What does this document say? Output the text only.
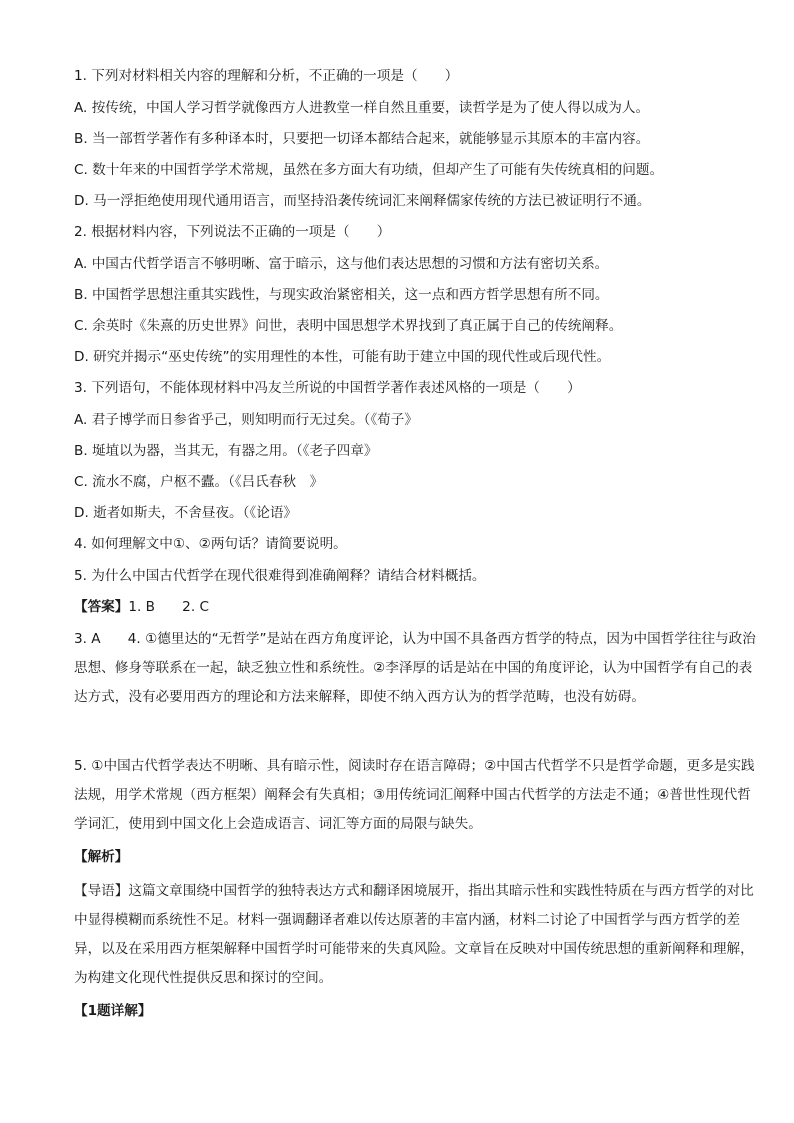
1. 下列对材料相关内容的理解和分析，不正确的一项是（　　）
A. 按传统，中国人学习哲学就像西方人进教堂一样自然且重要，读哲学是为了使人得以成为人。
B. 当一部哲学著作有多种译本时，只要把一切译本都结合起来，就能够显示其原本的丰富内容。
C. 数十年来的中国哲学学术常规，虽然在多方面大有功绩，但却产生了可能有失传统真相的问题。
D. 马一浮拒绝使用现代通用语言，而坚持沿袭传统词汇来阐释儒家传统的方法已被证明行不通。
2. 根据材料内容，下列说法不正确的一项是（　　）
A. 中国古代哲学语言不够明晰、富于暗示，这与他们表达思想的习惯和方法有密切关系。
B. 中国哲学思想注重其实践性，与现实政治紧密相关，这一点和西方哲学思想有所不同。
C. 余英时《朱熹的历史世界》问世，表明中国思想学术界找到了真正属于自己的传统阐释。
D. 研究并揭示“巫史传统”的实用理性的本性，可能有助于建立中国的现代性或后现代性。
3. 下列语句，不能体现材料中冯友兰所说的中国哲学著作表述风格的一项是（　　）
A. 君子博学而日参省乎己，则知明而行无过矣。（《荀子》
B. 埏埴以为器，当其无，有器之用。（《老子四章》
C. 流水不腐，户枢不蠹。（《吕氏春秋　》
D. 逝者如斯夫，不舍昼夜。（《论语》
4. 如何理解文中①、②两句话？请简要说明。
5. 为什么中国古代哲学在现代很难得到准确阐释？请结合材料概括。
【答案】1. B　　2. C
3. A　　4. ①德里达的“无哲学”是站在西方角度评论，认为中国不具备西方哲学的特点，因为中国哲学往往与政治思想、修身等联系在一起，缺乏独立性和系统性。②李泽厚的话是站在中国的角度评论，认为中国哲学有自己的表达方式，没有必要用西方的理论和方法来解释，即使不纳入西方认为的哲学范畴，也没有妨碍。
5. ①中国古代哲学表达不明晰、具有暗示性，阅读时存在语言障碍；②中国古代哲学不只是哲学命题，更多是实践法规，用学术常规（西方框架）阐释会有失真相；③用传统词汇阐释中国古代哲学的方法走不通；④普世性现代哲学词汇，使用到中国文化上会造成语言、词汇等方面的局限与缺失。
【解析】
【导语】这篇文章围绕中国哲学的独特表达方式和翻译困境展开，指出其暗示性和实践性特质在与西方哲学的对比中显得模糊而系统性不足。材料一强调翻译者难以传达原著的丰富内涵，材料二讨论了中国哲学与西方哲学的差异，以及在采用西方框架解释中国哲学时可能带来的失真风险。文章旨在反映对中国传统思想的重新阐释和理解，为构建文化现代性提供反思和探讨的空间。
【1题详解】
